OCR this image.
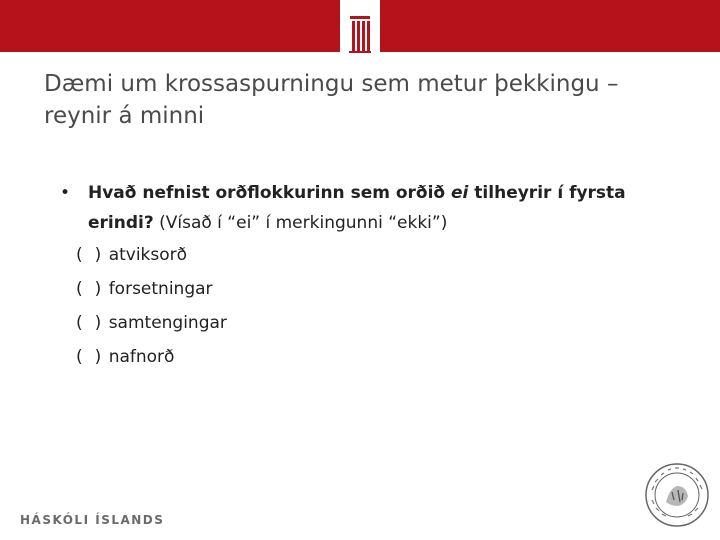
Dæmi um krossaspurningu sem metur þekkingu – reynir á minni
• Hvað nefnist orðflokkurinn sem orðið ei tilheyrir í fyrsta erindi? (Vísað í “ei” í merkingunni “ekki”)
( ) atviksorð
( ) forsetningar
( ) samtengingar
( ) nafnorð
HÁSKÓLI ÍSLANDS
